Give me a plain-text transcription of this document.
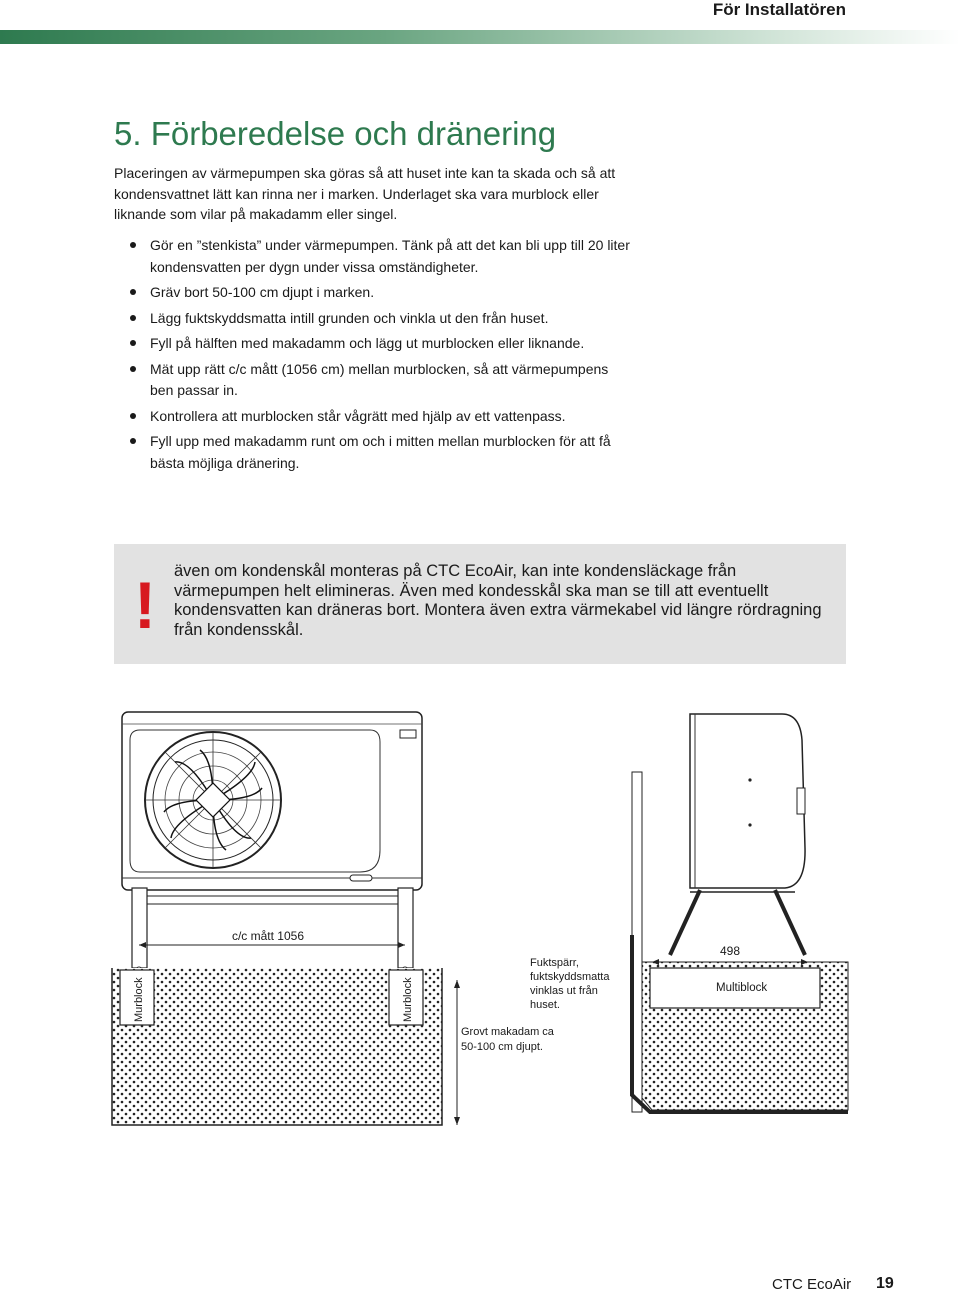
För Installatören
5. Förberedelse och dränering

Placeringen av värmepumpen ska göras så att huset inte kan ta skada och så att kondensvattnet lätt kan rinna ner i marken. Underlaget ska vara murblock eller liknande som vilar på makadamm eller singel.

Gör en ”stenkista” under värmepumpen. Tänk på att det kan bli upp till 20 liter kondensvatten per dygn under vissa omständigheter.
Gräv bort 50-100 cm djupt i marken.
Lägg fuktskyddsmatta intill grunden och vinkla ut den från huset.
Fyll på hälften med makadamm och lägg ut murblocken eller liknande.
Mät upp rätt c/c mått (1056 cm) mellan murblocken, så att värmepumpens ben passar in.
Kontrollera att murblocken står vågrätt med hjälp av ett vattenpass.
Fyll upp med makadamm runt om och i mitten mellan murblocken för att få bästa möjliga dränering.
! även om kondenskål monteras på CTC EcoAir, kan inte kondensläckage från värmepumpen helt elimineras. Även med kondesskål ska man se till att eventuellt kondensvatten kan dräneras bort. Montera även extra värmekabel vid längre rördragning från kondensskål.

c/c mått 1056
Murblock	Murblock
Grovt makadam ca
50-100 cm djupt.
Fuktspärr,
fuktskyddsmatta
vinklas ut från
huset.
Multiblock
498
CTC EcoAir 19
